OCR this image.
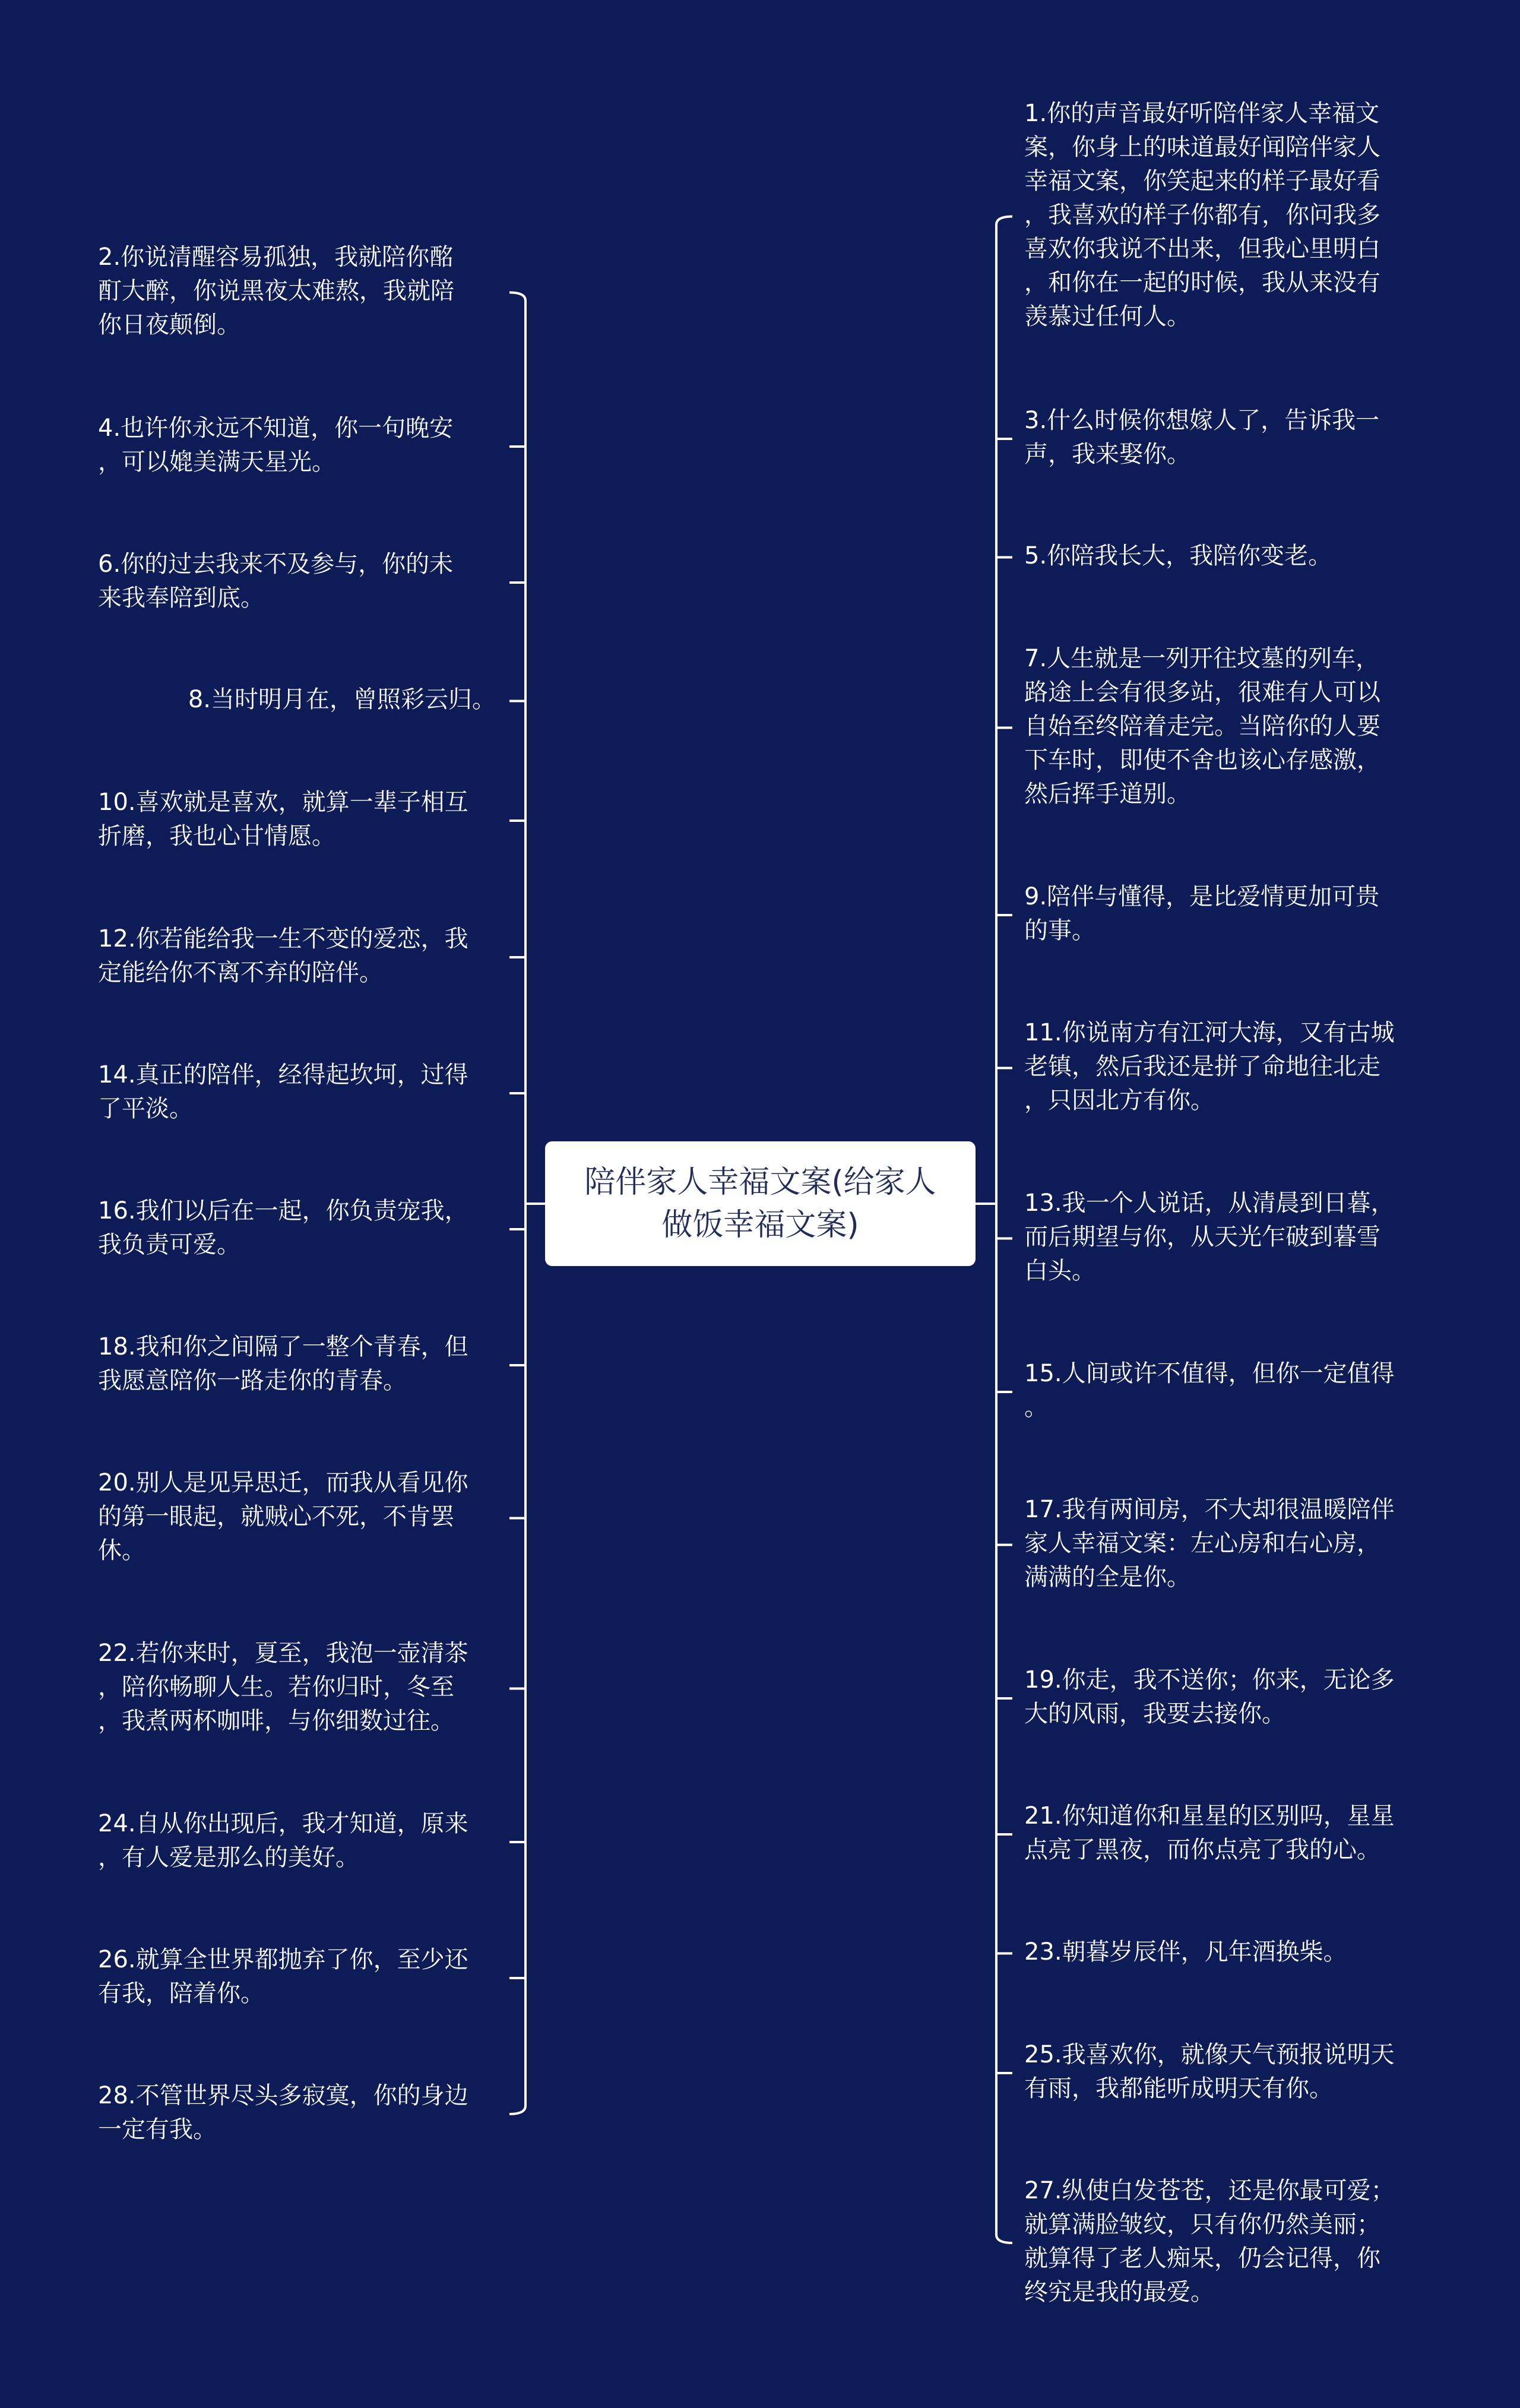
2.你说清醒容易孤独，我就陪你酩
酊大醉，你说黑夜太难熬，我就陪
你日夜颠倒。
4.也许你永远不知道，你一句晚安
，可以媲美满天星光。
6.你的过去我来不及参与，你的未
来我奉陪到底。
8.当时明月在，曾照彩云归。
10.喜欢就是喜欢，就算一辈子相互
折磨，我也心甘情愿。
12.你若能给我一生不变的爱恋，我
定能给你不离不弃的陪伴。
14.真正的陪伴，经得起坎坷，过得
了平淡。
16.我们以后在一起，你负责宠我，
我负责可爱。
18.我和你之间隔了一整个青春，但
我愿意陪你一路走你的青春。
20.别人是见异思迁，而我从看见你
的第一眼起，就贼心不死，不肯罢
休。
22.若你来时，夏至，我泡一壶清茶
，陪你畅聊人生。若你归时，冬至
，我煮两杯咖啡，与你细数过往。
24.自从你出现后，我才知道，原来
，有人爱是那么的美好。
26.就算全世界都抛弃了你，至少还
有我，陪着你。
28.不管世界尽头多寂寞，你的身边
一定有我。
1.你的声音最好听陪伴家人幸福文
案，你身上的味道最好闻陪伴家人
幸福文案，你笑起来的样子最好看
，我喜欢的样子你都有，你问我多
喜欢你我说不出来，但我心里明白
，和你在一起的时候，我从来没有
羡慕过任何人。
3.什么时候你想嫁人了，告诉我一
声，我来娶你。
5.你陪我长大，我陪你变老。
7.人生就是一列开往坟墓的列车，
路途上会有很多站，很难有人可以
自始至终陪着走完。当陪你的人要
下车时，即使不舍也该心存感激，
然后挥手道别。
9.陪伴与懂得，是比爱情更加可贵
的事。
11.你说南方有江河大海，又有古城
老镇，然后我还是拼了命地往北走
，只因北方有你。
13.我一个人说话，从清晨到日暮，
而后期望与你，从天光乍破到暮雪
白头。
15.人间或许不值得，但你一定值得
。
17.我有两间房，不大却很温暖陪伴
家人幸福文案：左心房和右心房，
满满的全是你。
19.你走，我不送你；你来，无论多
大的风雨，我要去接你。
21.你知道你和星星的区别吗，星星
点亮了黑夜，而你点亮了我的心。
23.朝暮岁辰伴，凡年酒换柴。
25.我喜欢你，就像天气预报说明天
有雨，我都能听成明天有你。
27.纵使白发苍苍，还是你最可爱；
就算满脸皱纹，只有你仍然美丽；
就算得了老人痴呆，仍会记得，你
终究是我的最爱。
陪伴家人幸福文案(给家人
做饭幸福文案)
